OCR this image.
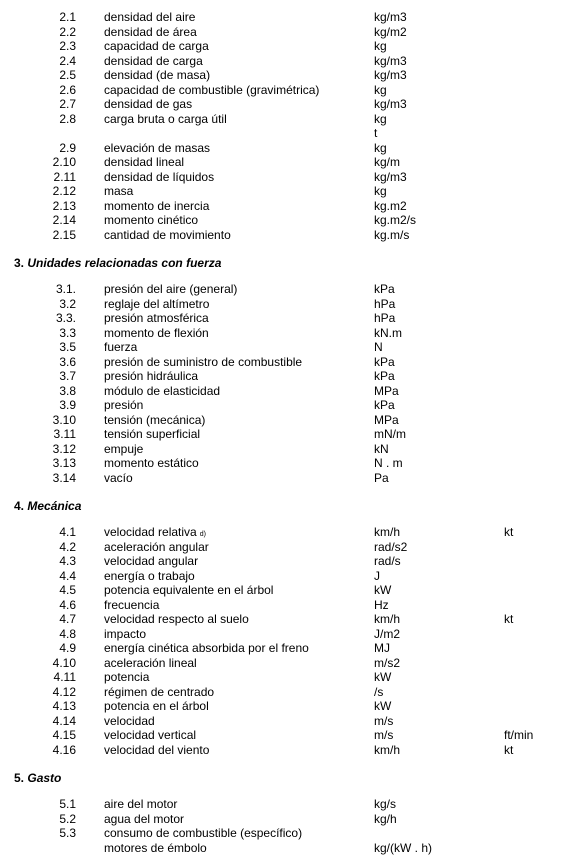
2.1 densidad del aire	kg/m3
2.2 densidad de área	kg/m2
2.3 capacidad de carga	kg
2.4 densidad de carga	kg/m3
2.5 densidad (de masa)	kg/m3
2.6 capacidad de combustible (gravimétrica)	kg
2.7 densidad de gas	kg/m3
2.8 carga bruta o carga útil	kg
t
2.9 elevación de masas	kg
2.10 densidad lineal	kg/m
2.11 densidad de líquidos	kg/m3
2.12 masa	kg
2.13 momento de inercia	kg.m2
2.14 momento cinético	kg.m2/s
2.15 cantidad de movimiento	kg.m/s
3. Unidades relacionadas con fuerza
3.1. presión del aire (general)	kPa
3.2 reglaje del altímetro	hPa
3.3. presión atmosférica	hPa
3.3 momento de flexión	kN.m
3.5 fuerza	N
3.6 presión de suministro de combustible	kPa
3.7 presión hidráulica	kPa
3.8 módulo de elasticidad	MPa
3.9 presión	kPa
3.10 tensión (mecánica)	MPa
3.11 tensión superficial	mN/m
3.12 empuje	kN
3.13 momento estático	N . m
3.14 vacío	Pa
4. Mecánica
4.1 velocidad relativa d)	km/h	kt
4.2 aceleración angular	rad/s2
4.3 velocidad angular	rad/s
4.4 energía o trabajo	J
4.5 potencia equivalente en el árbol	kW
4.6 frecuencia	Hz
4.7 velocidad respecto al suelo	km/h	kt
4.8 impacto	J/m2
4.9 energía cinética absorbida por el freno	MJ
4.10 aceleración lineal	m/s2
4.11 potencia	kW
4.12 régimen de centrado	/s
4.13 potencia en el árbol	kW
4.14 velocidad	m/s
4.15 velocidad vertical	m/s	ft/min
4.16 velocidad del viento	km/h	kt
5. Gasto
5.1 aire del motor	kg/s
5.2 agua del motor	kg/h
5.3 consumo de combustible (específico)
motores de émbolo	kg/(kW . h)
